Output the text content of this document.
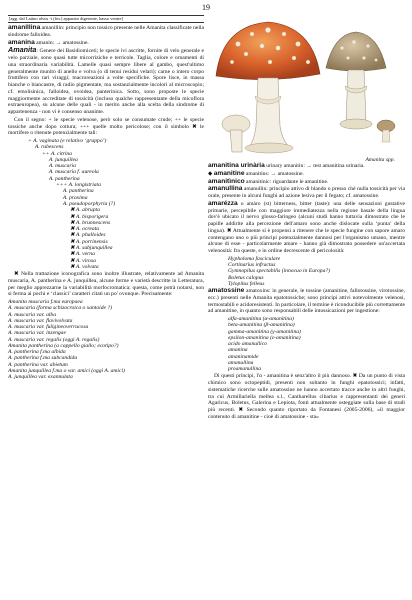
19
[agg. dal Latino alvus -i (fm.) apparato digerente, basso ventre]

amanillina amanillin: principio non tossico presente nelle Amanita classificate nella sindrome falloidea.

amanina amanin: → amatossine.

Amanita: Genere dei Basidiomiceti; le specie ivi ascritte, fornite di velo generale e velo parziale, sono quasi tutte micorriziche e terricole. Taglia, colore e ornamenti di una straordinaria variabilità. Lamelle quasi sempre libere al gambo, quest'ultimo generalmente munito di anello e volva (o di tenui residui velari); carne o intero corpo fruttifero con rari viraggi; macroreazioni a volte specifiche. Spore lisce, in massa bianche o biancastre, di radio pigmentate, ma sostanzialmente incolori al microscopio; cf. emolisinica, falloidea, ovoidea, panterinica. Sotto, sono proposte le specie maggiormente accreditate di tossicità (incluso qualche rappresentante della micoflora extraeuropea), su alcune delle quali - in merito anche alla scelta della sindrome di appartenenza - non vi è consenso unanime.

Con il segno: + le specie velenose, però solo se consumate crude; ++ le specie tossiche anche dopo cottura; +++ quelle molto pericolose; con il simbolo ✖ le mortifere o ritenute potenzialmente tali:

+ A. vaginata (e relativo ‘gruppo’)
A. rubescens
++ A. citrina
A. junquillea
A. muscaria
A. muscaria f. aureola
A. pantherina
+++ A. longistriata
A. pantherina
A. proxima
A. pseudoporphyria (?)
✖ A. abrupta
✖ A. bisporigera
✖ A. brunnescens
✖ A. ocreata
✖ A. phalloides
✖ A. porrinensis
✖ A. subjunquillea
✖ A. verna
✖ A. virosa
✖ A. volvata

✖ Nella trattazione iconografica sono inoltre illustrate, relativamente ad Amanita muscaria, A. pantherina e A. junquillea, alcune forme e varietà descritte in Letteratura, per meglio apprezzarne la variabilità morfocromatica; questa, come potrà notarsi, non si ferma ai pochi e ‘classici’ caratteri citati un po' ovunque. Precisamente:

Amanita muscaria f.ma europaea
A. muscaria (forma schizocroica o xantoide ?)
A. muscaria var. alba
A. muscaria var. flavivolvata
A. muscaria var. fuligineoverrucosa
A. muscaria var. inzengae
A. muscaria var. regalis (oggi A. regalis)
Amanita pantherina (a cappello giallo; ecotipo?)
A. pantherina f.ma albida
A. pantherina f.ma subcandida
A. pantherina var. abietum
Amanita junquillea f.ma o var. amici (oggi A. amici)
A. junquillea var. exannulata
Amanita spp.

amanitina urinària urinary amanitin: → test amanitina urinaria.

◆ amanitine amanitins: → amatossine.

amanitìnico amanitinic: riguardante le amanitine.

amanullina amanullin: principio attivo di blando o presso ché nulla tossicità per via orale, presente in alcuni funghi ad azione lesiva per il fegato; cf. amatossine.

amarézza o amàro (st) bitterness, bitter (taste): una delle sensazioni gustative primarie, percepibile con maggiore immediatezza nella regione basale della lingua dov'è ubicato il nervo glosso-faringeo (alcuni studi hanno tuttavia dimostrato che le papille addirite alla percezione dell'amaro sono anche dislocate sulla ‘punta’ della lingua). ✖ Attualmente si è propensi a ritenere che le specie fungine con sapore amaro contengano uno o più principi potenzialmente dannosi per l'organismo umano, mentre alcune di esse - particolarmente amare - hanno già dimostrato possedere un'accertata velenosità: fra queste, e in ordine decrescente di pericolosità:

Hypholoma fasciculare
Cortinarius infractus
Gymnopilus spectabilis (innocuo in Europa?)
Boletus calopus
Tylopilus felleus

amatossine amatoxins: in generale, le tossine (amanitine, fallotossine, virotossine, ecc.) presenti nelle Amanita epatotossiche; sono principi attivi notevolmente velenosi, termostabili e acidoresistenti. In particolare, il termine è riconducibile più correttamente ad amanitine, in quanto sono responsabili delle intossicazioni per ingestione:

alfa-amanitina (α-amanitina)
beta-amanitina (β-amanitina)
gamma-amanitina (γ-amanitina)
epsilon-amanitina (ε-amanitina)
acido amanullico
amanina
amaninamide
amanullina
proamanullina

Di questi principi, l'α - amanitina è senz'altro il più dannoso. ✖ Da un punto di vista chimico sono octopeptidi, presenti non soltanto in funghi epatotossici; infatti, sistematiche ricerche sulle amatossine ne hanno accertato tracce anche in altri funghi, tra cui Armillariella mellea s.l., Cantharellus cibarius e rappresentanti dei generi Agaricus, Boletus, Galerina e Lepiota, fonti attualmente osteggiate sulla base di studi più recenti. ✖ Secondo quanto riportato da Fontanesi (2005-2006), «il maggior contenuto di amanitine - cioè di amatossine - sta»
